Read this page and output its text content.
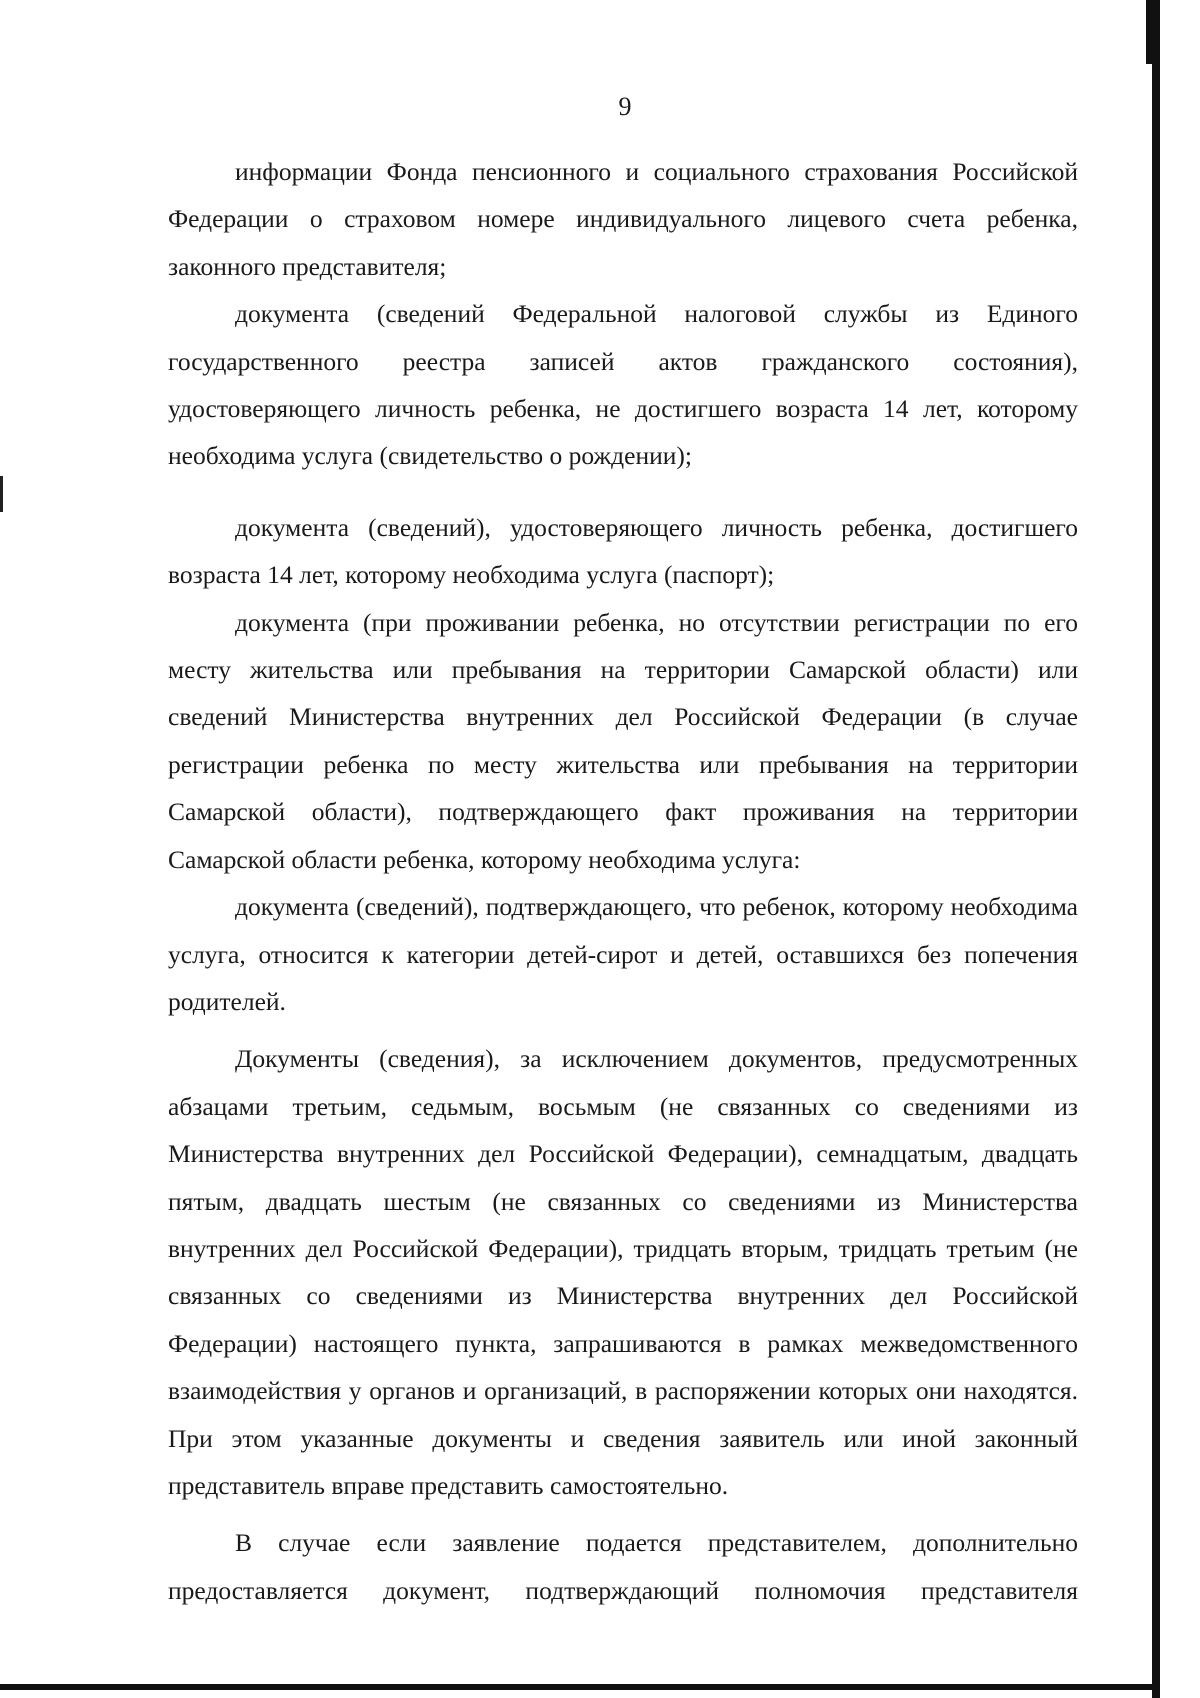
9

информации Фонда пенсионного и социального страхования Российской Федерации о страховом номере индивидуального лицевого счета ребенка, законного представителя;

документа (сведений Федеральной налоговой службы из Единого государственного реестра записей актов гражданского состояния), удостоверяющего личность ребенка, не достигшего возраста 14 лет, которому необходима услуга (свидетельство о рождении);

документа (сведений), удостоверяющего личность ребенка, достигшего возраста 14 лет, которому необходима услуга (паспорт);

документа (при проживании ребенка, но отсутствии регистрации по его месту жительства или пребывания на территории Самарской области) или сведений Министерства внутренних дел Российской Федерации (в случае регистрации ребенка по месту жительства или пребывания на территории Самарской области), подтверждающего факт проживания на территории Самарской области ребенка, которому необходима услуга:

документа (сведений), подтверждающего, что ребенок, которому необходима услуга, относится к категории детей-сирот и детей, оставшихся без попечения родителей.

Документы (сведения), за исключением документов, предусмотренных абзацами третьим, седьмым, восьмым (не связанных со сведениями из Министерства внутренних дел Российской Федерации), семнадцатым, двадцать пятым, двадцать шестым (не связанных со сведениями из Министерства внутренних дел Российской Федерации), тридцать вторым, тридцать третьим (не связанных со сведениями из Министерства внутренних дел Российской Федерации) настоящего пункта, запрашиваются в рамках межведомственного взаимодействия у органов и организаций, в распоряжении которых они находятся. При этом указанные документы и сведения заявитель или иной законный представитель вправе представить самостоятельно.

В случае если заявление подается представителем, дополнительно предоставляется документ, подтверждающий полномочия представителя
